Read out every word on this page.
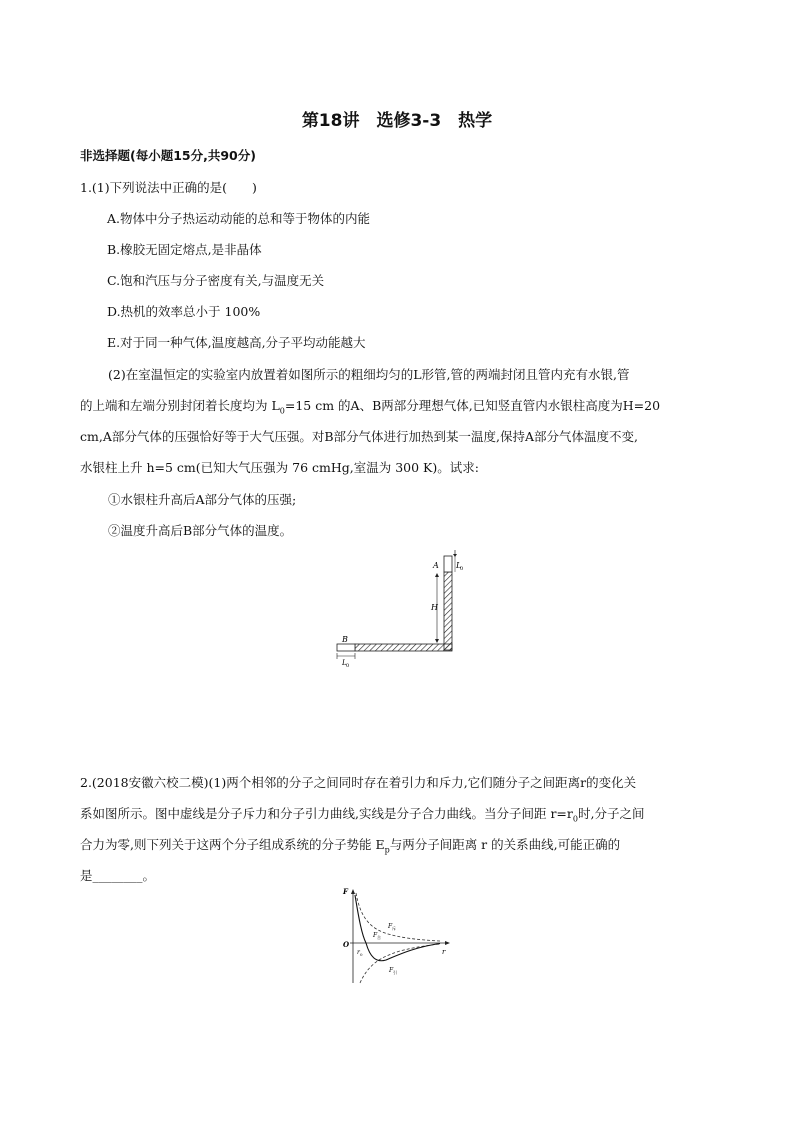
第18讲　选修3-3　热学
非选择题(每小题15分,共90分)
1.(1)下列说法中正确的是(　　)
A.物体中分子热运动动能的总和等于物体的内能
B.橡胶无固定熔点,是非晶体
C.饱和汽压与分子密度有关,与温度无关
D.热机的效率总小于 100%
E.对于同一种气体,温度越高,分子平均动能越大
(2)在室温恒定的实验室内放置着如图所示的粗细均匀的L形管,管的两端封闭且管内充有水银,管
的上端和左端分别封闭着长度均为 $L_0=15$ cm 的A、B两部分理想气体,已知竖直管内水银柱高度为H=20
cm,A部分气体的压强恰好等于大气压强。对B部分气体进行加热到某一温度,保持A部分气体温度不变,
水银柱上升 h=5 cm(已知大气压强为 76 cmHg,室温为 300 K)。试求:
①水银柱升高后A部分气体的压强;
②温度升高后B部分气体的温度。
L
0
A
H
B
L 0
2.(2018安徽六校二模)(1)两个相邻的分子之间同时存在着引力和斥力,它们随分子之间距离r的变化关
系如图所示。图中虚线是分子斥力和分子引力曲线,实线是分子合力曲线。当分子间距 $r=r_0$时,分子之间
合力为零,则下列关于这两个分子组成系统的分子势能 $E_p$与两分子间距离 r 的关系曲线,可能正确的
是________。
F
O
r
r 0
F 斥
F 合
F 引
